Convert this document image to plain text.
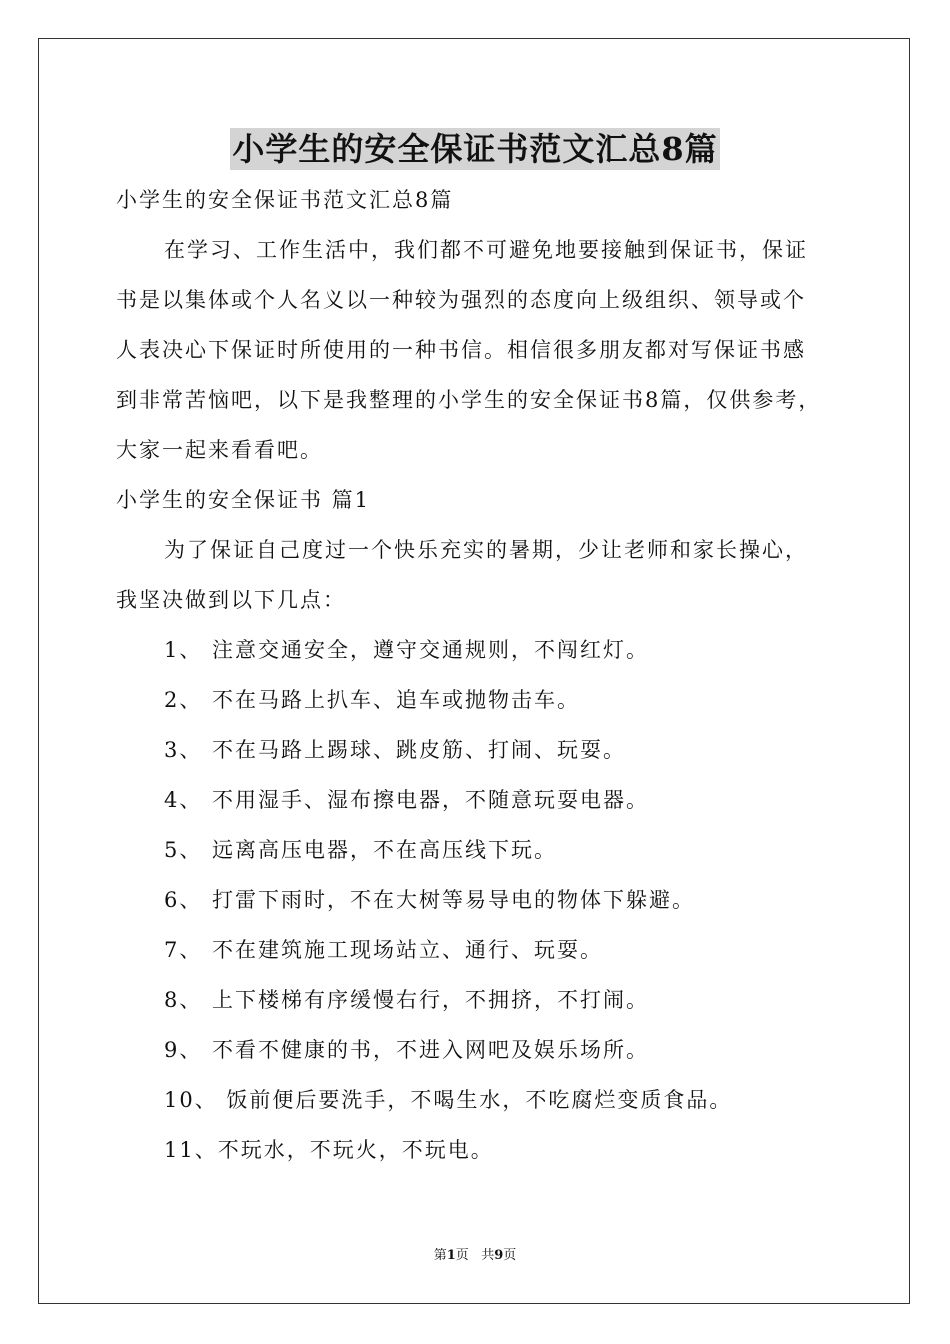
小学生的安全保证书范文汇总8篇
小学生的安全保证书范文汇总8篇
在学习、工作生活中，我们都不可避免地要接触到保证书，保证
书是以集体或个人名义以一种较为强烈的态度向上级组织、领导或个
人表决心下保证时所使用的一种书信。相信很多朋友都对写保证书感
到非常苦恼吧，以下是我整理的小学生的安全保证书8篇，仅供参考，
大家一起来看看吧。
小学生的安全保证书 篇1
为了保证自己度过一个快乐充实的暑期，少让老师和家长操心，
我坚决做到以下几点：
1、 注意交通安全，遵守交通规则，不闯红灯。
2、 不在马路上扒车、追车或抛物击车。
3、 不在马路上踢球、跳皮筋、打闹、玩耍。
4、 不用湿手、湿布擦电器，不随意玩耍电器。
5、 远离高压电器，不在高压线下玩。
6、 打雷下雨时，不在大树等易导电的物体下躲避。
7、 不在建筑施工现场站立、通行、玩耍。
8、 上下楼梯有序缓慢右行，不拥挤，不打闹。
9、 不看不健康的书，不进入网吧及娱乐场所。
10、 饭前便后要洗手，不喝生水，不吃腐烂变质食品。
11、不玩水，不玩火，不玩电。
第1页 共9页
